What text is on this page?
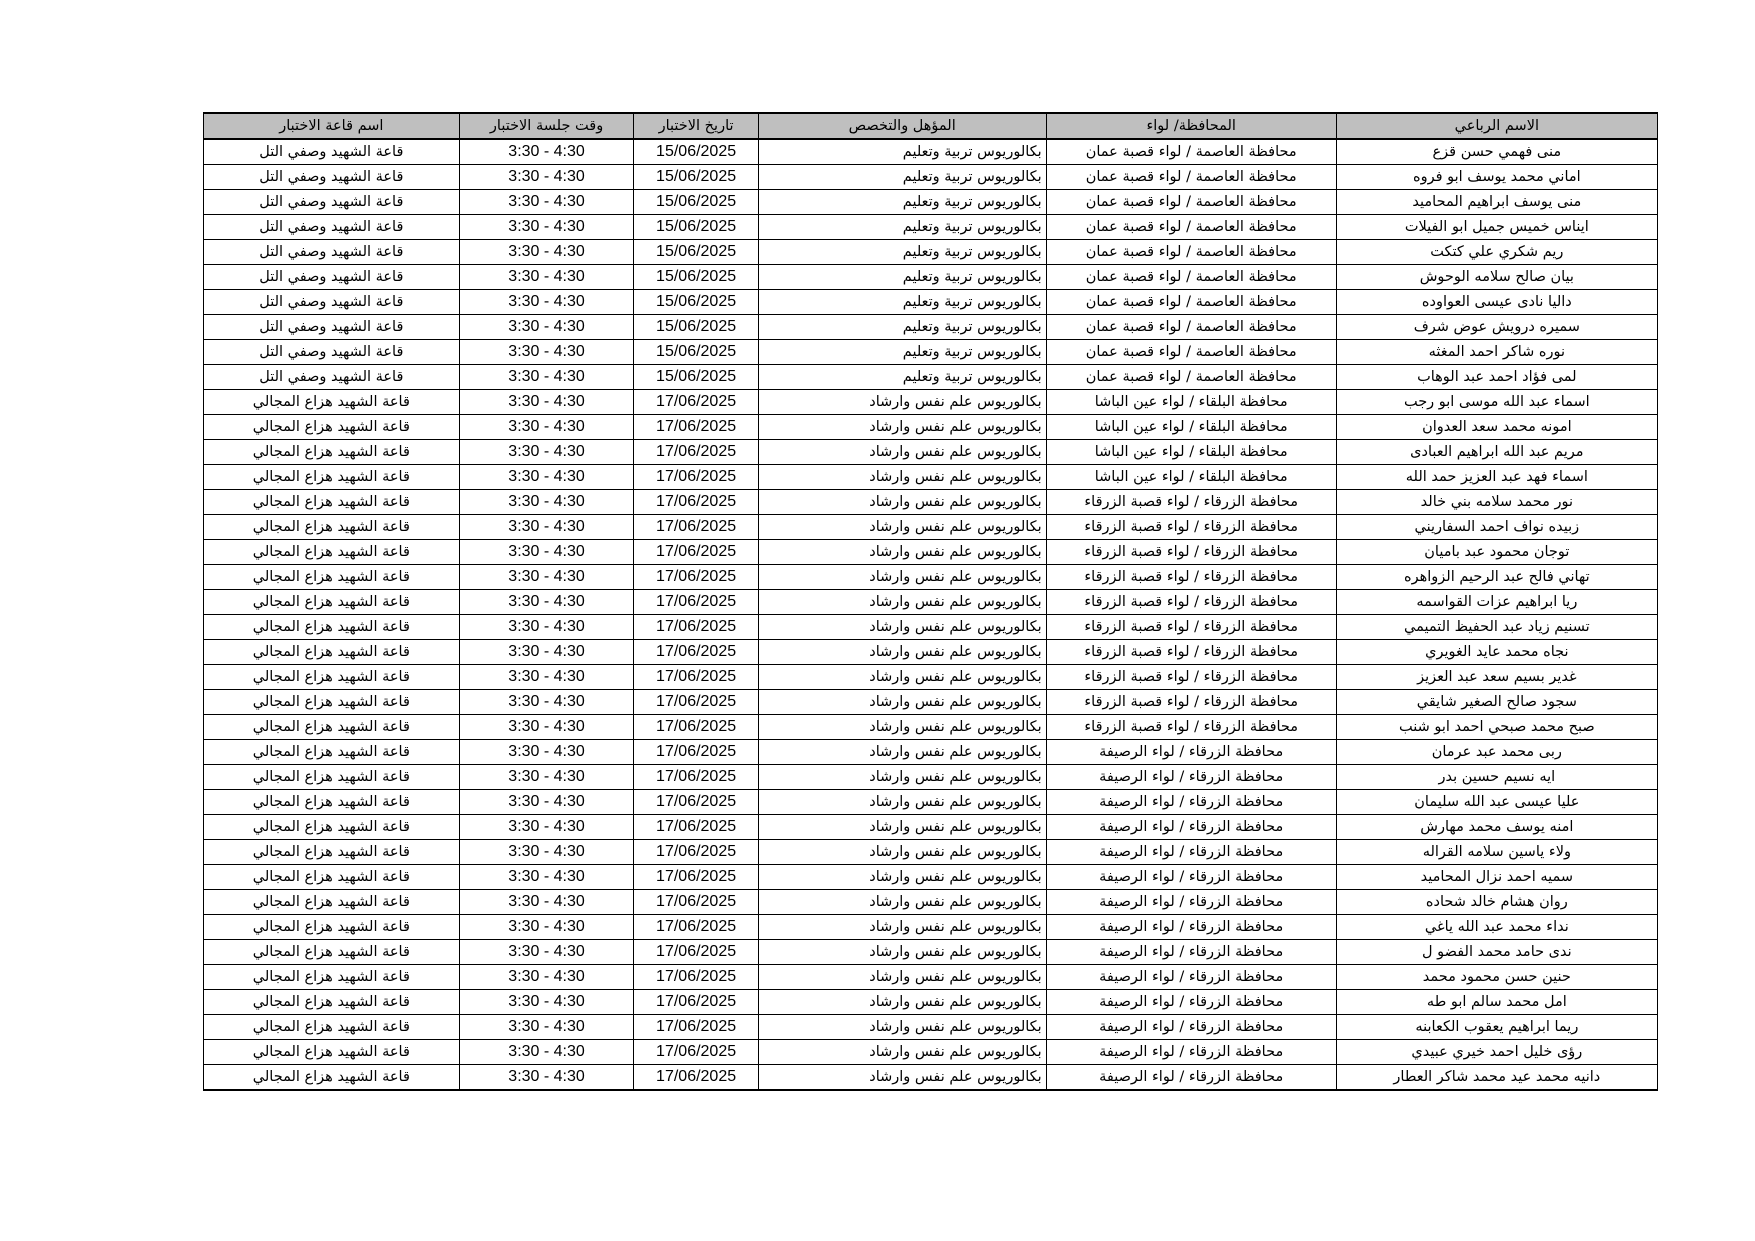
الاسم الرباعي	المحافظة/ لواء	المؤهل والتخصص	تاريخ الاختبار	وقت جلسة الاختبار	اسم قاعة الاختبار
منى فهمي حسن قزع	محافظة العاصمة / لواء قصبة عمان	بكالوريوس تربية وتعليم	15/06/2025	3:30 - 4:30	قاعة الشهيد وصفي التل
اماني محمد يوسف ابو فروه	محافظة العاصمة / لواء قصبة عمان	بكالوريوس تربية وتعليم	15/06/2025	3:30 - 4:30	قاعة الشهيد وصفي التل
منى يوسف ابراهيم المحاميد	محافظة العاصمة / لواء قصبة عمان	بكالوريوس تربية وتعليم	15/06/2025	3:30 - 4:30	قاعة الشهيد وصفي التل
ايناس خميس جميل ابو الفيلات	محافظة العاصمة / لواء قصبة عمان	بكالوريوس تربية وتعليم	15/06/2025	3:30 - 4:30	قاعة الشهيد وصفي التل
ريم شكري علي كتكت	محافظة العاصمة / لواء قصبة عمان	بكالوريوس تربية وتعليم	15/06/2025	3:30 - 4:30	قاعة الشهيد وصفي التل
بيان صالح سلامه الوحوش	محافظة العاصمة / لواء قصبة عمان	بكالوريوس تربية وتعليم	15/06/2025	3:30 - 4:30	قاعة الشهيد وصفي التل
داليا نادى عيسى العواوده	محافظة العاصمة / لواء قصبة عمان	بكالوريوس تربية وتعليم	15/06/2025	3:30 - 4:30	قاعة الشهيد وصفي التل
سميره درويش عوض شرف	محافظة العاصمة / لواء قصبة عمان	بكالوريوس تربية وتعليم	15/06/2025	3:30 - 4:30	قاعة الشهيد وصفي التل
نوره شاكر احمد المغثه	محافظة العاصمة / لواء قصبة عمان	بكالوريوس تربية وتعليم	15/06/2025	3:30 - 4:30	قاعة الشهيد وصفي التل
لمى فؤاد احمد عبد الوهاب	محافظة العاصمة / لواء قصبة عمان	بكالوريوس تربية وتعليم	15/06/2025	3:30 - 4:30	قاعة الشهيد وصفي التل
اسماء عبد الله موسى ابو رجب	محافظة البلقاء / لواء عين الباشا	بكالوريوس علم نفس وارشاد	17/06/2025	3:30 - 4:30	قاعة الشهيد هزاع المجالي
امونه محمد سعد العدوان	محافظة البلقاء / لواء عين الباشا	بكالوريوس علم نفس وارشاد	17/06/2025	3:30 - 4:30	قاعة الشهيد هزاع المجالي
مريم عبد الله ابراهيم العبادى	محافظة البلقاء / لواء عين الباشا	بكالوريوس علم نفس وارشاد	17/06/2025	3:30 - 4:30	قاعة الشهيد هزاع المجالي
اسماء فهد عبد العزيز حمد الله	محافظة البلقاء / لواء عين الباشا	بكالوريوس علم نفس وارشاد	17/06/2025	3:30 - 4:30	قاعة الشهيد هزاع المجالي
نور محمد سلامه بني خالد	محافظة الزرقاء / لواء قصبة الزرقاء	بكالوريوس علم نفس وارشاد	17/06/2025	3:30 - 4:30	قاعة الشهيد هزاع المجالي
زبيده نواف احمد السفاريني	محافظة الزرقاء / لواء قصبة الزرقاء	بكالوريوس علم نفس وارشاد	17/06/2025	3:30 - 4:30	قاعة الشهيد هزاع المجالي
توجان محمود عبد باميان	محافظة الزرقاء / لواء قصبة الزرقاء	بكالوريوس علم نفس وارشاد	17/06/2025	3:30 - 4:30	قاعة الشهيد هزاع المجالي
تهاني فالح عبد الرحيم الزواهره	محافظة الزرقاء / لواء قصبة الزرقاء	بكالوريوس علم نفس وارشاد	17/06/2025	3:30 - 4:30	قاعة الشهيد هزاع المجالي
ريا ابراهيم عزات القواسمه	محافظة الزرقاء / لواء قصبة الزرقاء	بكالوريوس علم نفس وارشاد	17/06/2025	3:30 - 4:30	قاعة الشهيد هزاع المجالي
تسنيم زياد عبد الحفيظ التميمي	محافظة الزرقاء / لواء قصبة الزرقاء	بكالوريوس علم نفس وارشاد	17/06/2025	3:30 - 4:30	قاعة الشهيد هزاع المجالي
نجاه محمد عايد الغويري	محافظة الزرقاء / لواء قصبة الزرقاء	بكالوريوس علم نفس وارشاد	17/06/2025	3:30 - 4:30	قاعة الشهيد هزاع المجالي
غدير بسيم سعد عبد العزيز	محافظة الزرقاء / لواء قصبة الزرقاء	بكالوريوس علم نفس وارشاد	17/06/2025	3:30 - 4:30	قاعة الشهيد هزاع المجالي
سجود صالح الصغير شايقي	محافظة الزرقاء / لواء قصبة الزرقاء	بكالوريوس علم نفس وارشاد	17/06/2025	3:30 - 4:30	قاعة الشهيد هزاع المجالي
صبح محمد صبحي احمد ابو شنب	محافظة الزرقاء / لواء قصبة الزرقاء	بكالوريوس علم نفس وارشاد	17/06/2025	3:30 - 4:30	قاعة الشهيد هزاع المجالي
ربى محمد عبد عرمان	محافظة الزرقاء / لواء الرصيفة	بكالوريوس علم نفس وارشاد	17/06/2025	3:30 - 4:30	قاعة الشهيد هزاع المجالي
ايه نسيم حسين بدر	محافظة الزرقاء / لواء الرصيفة	بكالوريوس علم نفس وارشاد	17/06/2025	3:30 - 4:30	قاعة الشهيد هزاع المجالي
عليا عيسى عبد الله سليمان	محافظة الزرقاء / لواء الرصيفة	بكالوريوس علم نفس وارشاد	17/06/2025	3:30 - 4:30	قاعة الشهيد هزاع المجالي
امنه يوسف محمد مهارش	محافظة الزرقاء / لواء الرصيفة	بكالوريوس علم نفس وارشاد	17/06/2025	3:30 - 4:30	قاعة الشهيد هزاع المجالي
ولاء ياسين سلامه القراله	محافظة الزرقاء / لواء الرصيفة	بكالوريوس علم نفس وارشاد	17/06/2025	3:30 - 4:30	قاعة الشهيد هزاع المجالي
سميه احمد نزال المحاميد	محافظة الزرقاء / لواء الرصيفة	بكالوريوس علم نفس وارشاد	17/06/2025	3:30 - 4:30	قاعة الشهيد هزاع المجالي
روان هشام خالد شحاده	محافظة الزرقاء / لواء الرصيفة	بكالوريوس علم نفس وارشاد	17/06/2025	3:30 - 4:30	قاعة الشهيد هزاع المجالي
نداء محمد عبد الله ياغي	محافظة الزرقاء / لواء الرصيفة	بكالوريوس علم نفس وارشاد	17/06/2025	3:30 - 4:30	قاعة الشهيد هزاع المجالي
ندى حامد محمد الفضو ل	محافظة الزرقاء / لواء الرصيفة	بكالوريوس علم نفس وارشاد	17/06/2025	3:30 - 4:30	قاعة الشهيد هزاع المجالي
حنين حسن محمود محمد	محافظة الزرقاء / لواء الرصيفة	بكالوريوس علم نفس وارشاد	17/06/2025	3:30 - 4:30	قاعة الشهيد هزاع المجالي
امل محمد سالم ابو طه	محافظة الزرقاء / لواء الرصيفة	بكالوريوس علم نفس وارشاد	17/06/2025	3:30 - 4:30	قاعة الشهيد هزاع المجالي
ريما ابراهيم يعقوب الكعابنه	محافظة الزرقاء / لواء الرصيفة	بكالوريوس علم نفس وارشاد	17/06/2025	3:30 - 4:30	قاعة الشهيد هزاع المجالي
رؤى خليل احمد خيري عبيدي	محافظة الزرقاء / لواء الرصيفة	بكالوريوس علم نفس وارشاد	17/06/2025	3:30 - 4:30	قاعة الشهيد هزاع المجالي
دانيه محمد عيد محمد شاكر العطار	محافظة الزرقاء / لواء الرصيفة	بكالوريوس علم نفس وارشاد	17/06/2025	3:30 - 4:30	قاعة الشهيد هزاع المجالي
